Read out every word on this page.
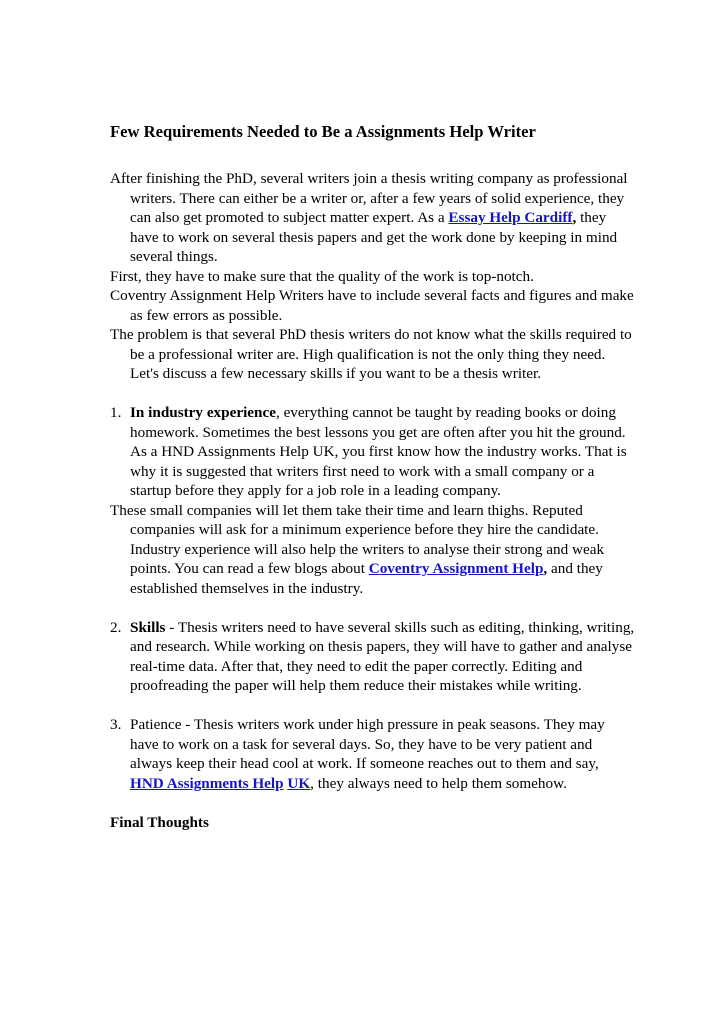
Few Requirements Needed to Be a Assignments Help Writer

After finishing the PhD, several writers join a thesis writing company as professional writers. There can either be a writer or, after a few years of solid experience, they can also get promoted to subject matter expert. As a Essay Help Cardiff, they have to work on several thesis papers and get the work done by keeping in mind several things.

First, they have to make sure that the quality of the work is top-notch.

Coventry Assignment Help Writers have to include several facts and figures and make as few errors as possible.

The problem is that several PhD thesis writers do not know what the skills required to be a professional writer are. High qualification is not the only thing they need. Let's discuss a few necessary skills if you want to be a thesis writer.

1. In industry experience, everything cannot be taught by reading books or doing homework. Sometimes the best lessons you get are often after you hit the ground. As a HND Assignments Help UK, you first know how the industry works. That is why it is suggested that writers first need to work with a small company or a startup before they apply for a job role in a leading company.

These small companies will let them take their time and learn thighs. Reputed companies will ask for a minimum experience before they hire the candidate. Industry experience will also help the writers to analyse their strong and weak points. You can read a few blogs about Coventry Assignment Help, and they established themselves in the industry.

2. Skills - Thesis writers need to have several skills such as editing, thinking, writing, and research. While working on thesis papers, they will have to gather and analyse real-time data. After that, they need to edit the paper correctly. Editing and proofreading the paper will help them reduce their mistakes while writing.
3. Patience - Thesis writers work under high pressure in peak seasons. They may have to work on a task for several days. So, they have to be very patient and always keep their head cool at work. If someone reaches out to them and say, HND Assignments Help UK, they always need to help them somehow.

Final Thoughts
